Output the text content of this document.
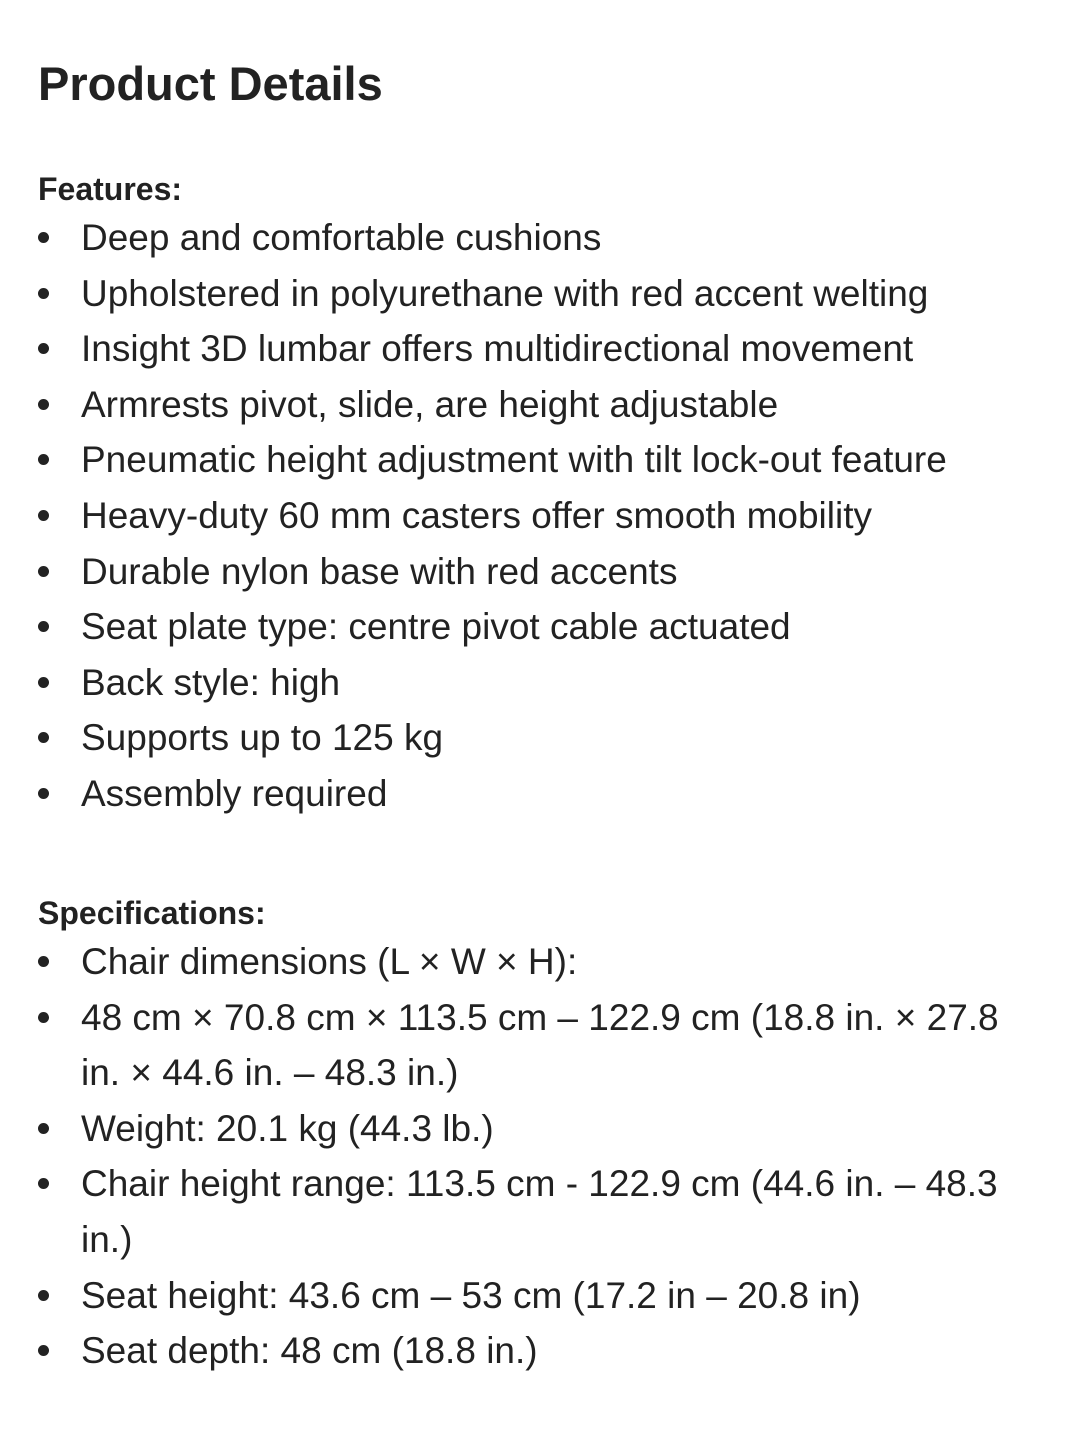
Product Details
Features:
Deep and comfortable cushions
Upholstered in polyurethane with red accent welting
Insight 3D lumbar offers multidirectional movement
Armrests pivot, slide, are height adjustable
Pneumatic height adjustment with tilt lock-out feature
Heavy-duty 60 mm casters offer smooth mobility
Durable nylon base with red accents
Seat plate type: centre pivot cable actuated
Back style: high
Supports up to 125 kg
Assembly required
Specifications:
Chair dimensions (L × W × H):
48 cm × 70.8 cm × 113.5 cm – 122.9 cm (18.8 in. × 27.8 in. × 44.6 in. – 48.3 in.)
Weight: 20.1 kg (44.3 lb.)
Chair height range: 113.5 cm - 122.9 cm (44.6 in. – 48.3 in.)
Seat height: 43.6 cm – 53 cm (17.2 in – 20.8 in)
Seat depth: 48 cm (18.8 in.)
